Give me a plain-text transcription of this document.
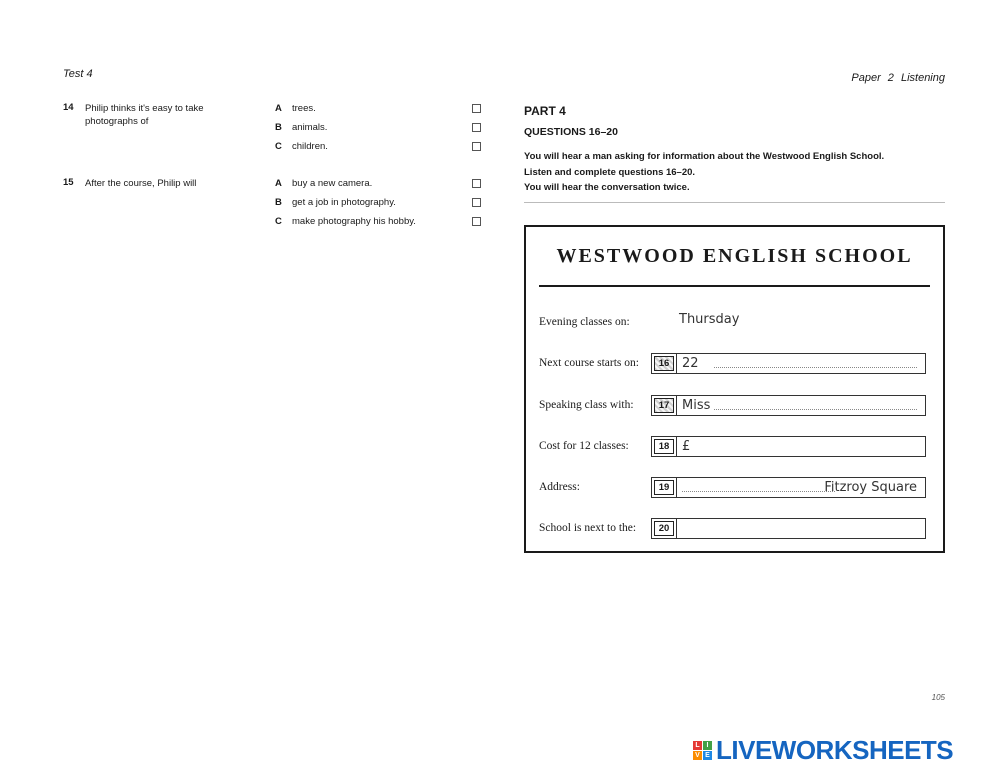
Test 4	Paper 2 Listening
14	Philip thinks it's easy to take photographs of
A	trees.
B	animals.
C	children.
15	After the course, Philip will	A	buy a new camera.
B	get a job in photography.
C	make photography his hobby.
PART 4
QUESTIONS 16–20
You will hear a man asking for information about the Westwood English School.
Listen and complete questions 16–20.
You will hear the conversation twice.
WESTWOOD ENGLISH SCHOOL
Evening classes on:	Thursday
Next course starts on:	16 22
Speaking class with:	17 Miss
Cost for 12 classes:	18 £
Address:	19	Fitzroy Square
School is next to the:	20
105
L I
V E LIVEWORKSHEETS
